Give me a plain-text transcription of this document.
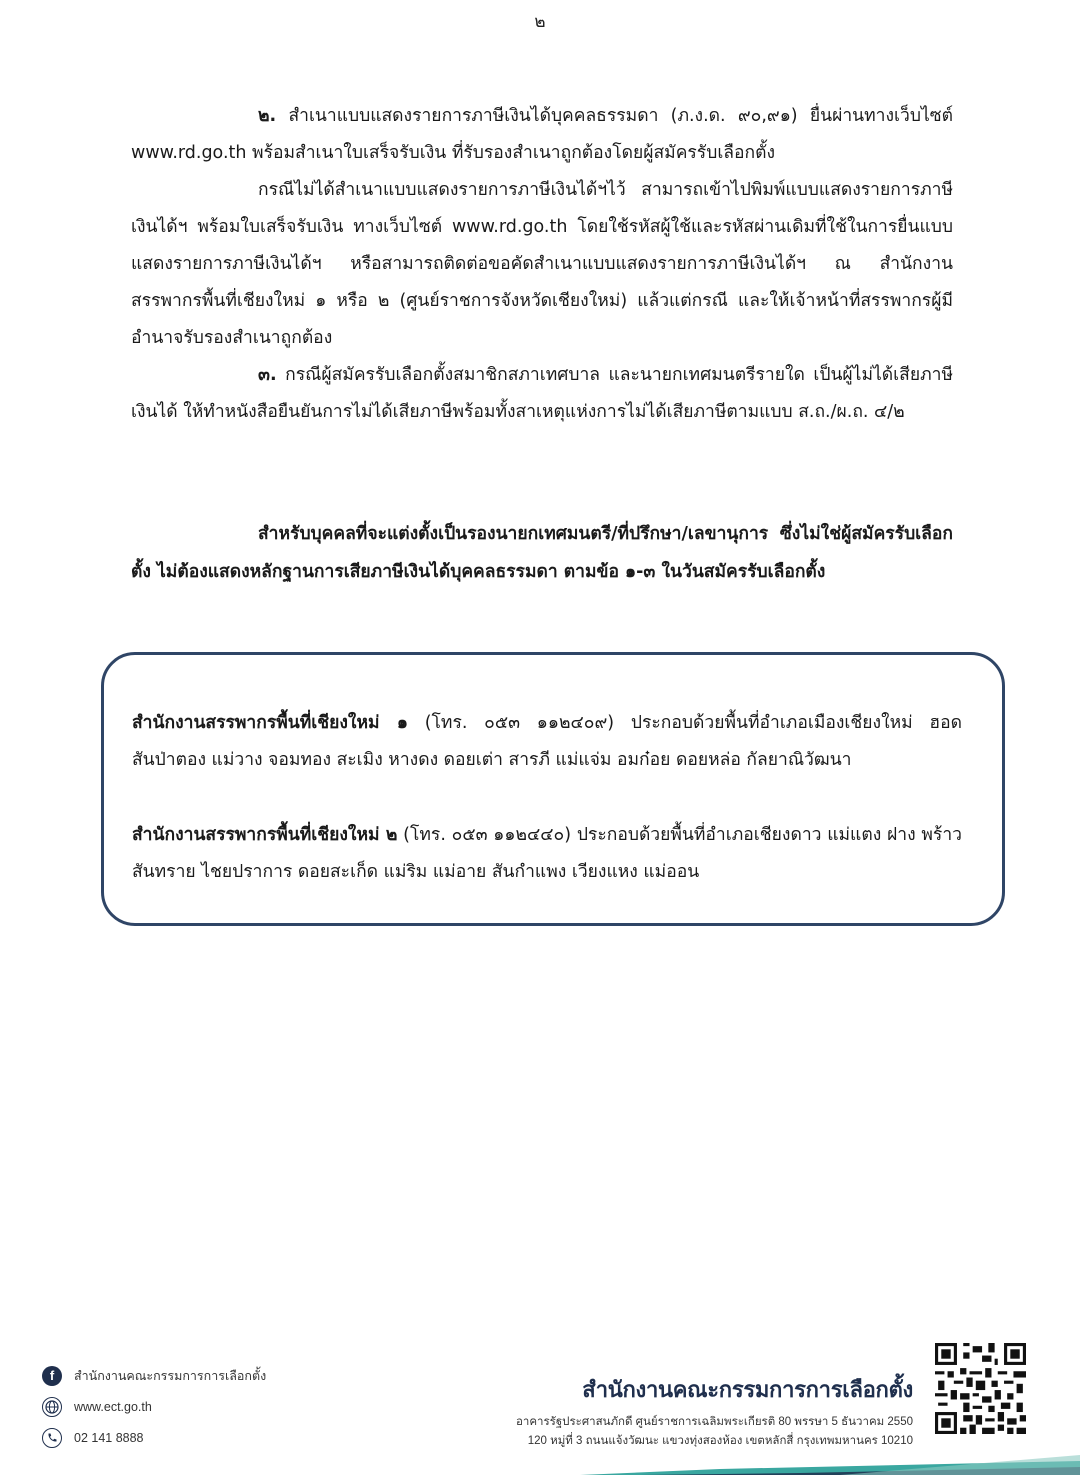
๒

๒. สำเนาแบบแสดงรายการภาษีเงินได้บุคคลธรรมดา (ภ.ง.ด. ๙๐,๙๑) ยื่นผ่านทางเว็บไซต์ www.rd.go.th พร้อมสำเนาใบเสร็จรับเงิน ที่รับรองสำเนาถูกต้องโดยผู้สมัครรับเลือกตั้ง

กรณีไม่ได้สำเนาแบบแสดงรายการภาษีเงินได้ฯไว้ สามารถเข้าไปพิมพ์แบบแสดงรายการภาษีเงินได้ฯ พร้อมใบเสร็จรับเงิน ทางเว็บไซต์ www.rd.go.th โดยใช้รหัสผู้ใช้และรหัสผ่านเดิมที่ใช้ในการยื่นแบบแสดงรายการภาษีเงินได้ฯ หรือสามารถติดต่อขอคัดสำเนาแบบแสดงรายการภาษีเงินได้ฯ ณ สำนักงานสรรพากรพื้นที่เชียงใหม่ ๑ หรือ ๒ (ศูนย์ราชการจังหวัดเชียงใหม่) แล้วแต่กรณี และให้เจ้าหน้าที่สรรพากรผู้มีอำนาจรับรองสำเนาถูกต้อง

๓. กรณีผู้สมัครรับเลือกตั้งสมาชิกสภาเทศบาล และนายกเทศมนตรีรายใด เป็นผู้ไม่ได้เสียภาษีเงินได้ ให้ทำหนังสือยืนยันการไม่ได้เสียภาษีพร้อมทั้งสาเหตุแห่งการไม่ได้เสียภาษีตามแบบ ส.ถ./ผ.ถ. ๔/๒

สำหรับบุคคลที่จะแต่งตั้งเป็นรองนายกเทศมนตรี/ที่ปรึกษา/เลขานุการ ซึ่งไม่ใช่ผู้สมัครรับเลือกตั้ง ไม่ต้องแสดงหลักฐานการเสียภาษีเงินได้บุคคลธรรมดา ตามข้อ ๑-๓ ในวันสมัครรับเลือกตั้ง

สำนักงานสรรพากรพื้นที่เชียงใหม่ ๑ (โทร. ๐๕๓ ๑๑๒๔๐๙) ประกอบด้วยพื้นที่อำเภอเมืองเชียงใหม่ ฮอด สันป่าตอง แม่วาง จอมทอง สะเมิง หางดง ดอยเต่า สารภี แม่แจ่ม อมก๋อย ดอยหล่อ กัลยาณิวัฒนา
สำนักงานสรรพากรพื้นที่เชียงใหม่ ๒ (โทร. ๐๕๓ ๑๑๒๔๔๐) ประกอบด้วยพื้นที่อำเภอเชียงดาว แม่แตง ฝาง พร้าว สันทราย ไชยปราการ ดอยสะเก็ด แม่ริม แม่อาย สันกำแพง เวียงแหง แม่ออน
f	สำนักงานคณะกรรมการการเลือกตั้ง
www.ect.go.th
02 141 8888
สำนักงานคณะกรรมการการเลือกตั้ง
อาคารรัฐประศาสนภักดี ศูนย์ราชการเฉลิมพระเกียรติ 80 พรรษา 5 ธันวาคม 2550
120 หมู่ที่ 3 ถนนแจ้งวัฒนะ แขวงทุ่งสองห้อง เขตหลักสี่ กรุงเทพมหานคร 10210
